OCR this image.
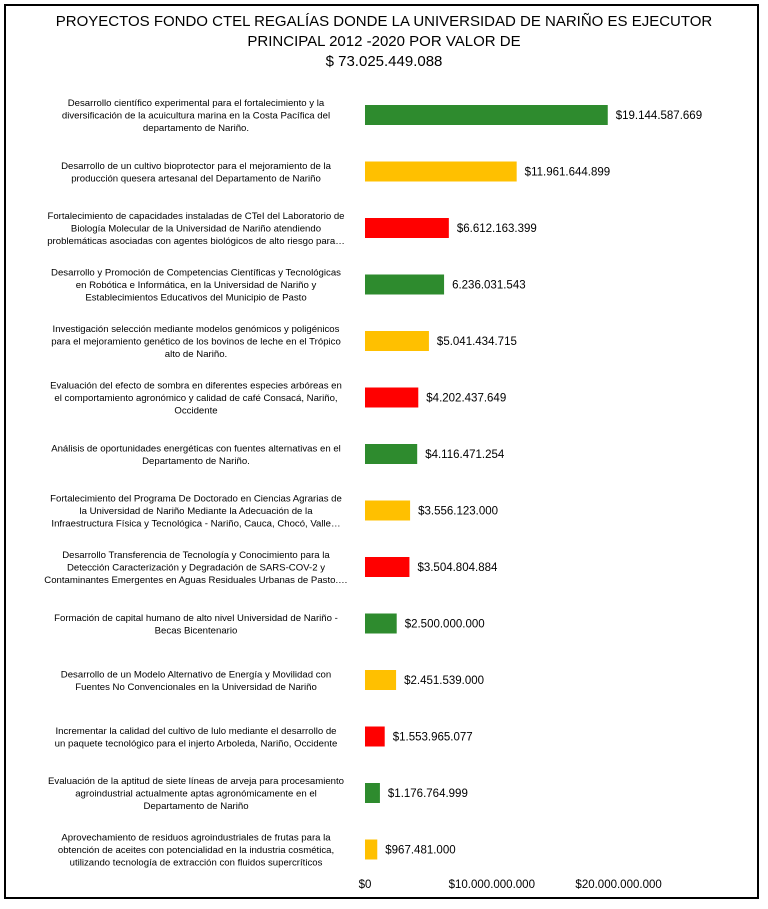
PROYECTOS FONDO CTEL REGALÍAS DONDE LA UNIVERSIDAD DE NARIÑO ES EJECUTOR
PRINCIPAL 2012 -2020 POR VALOR DE
$ 73.025.449.088
Desarrollo científico experimental para el fortalecimiento y la diversificación de la acuicultura marina en la Costa Pacífica del departamento de Nariño.
Desarrollo de un cultivo bioprotector para el mejoramiento de la producción quesera artesanal del Departamento de Nariño
Fortalecimiento de capacidades instaladas de CTeI del Laboratorio de Biología Molecular de la Universidad de Nariño atendiendo problemáticas asociadas con agentes biológicos de alto riesgo para…
Desarrollo y Promoción de Competencias Científicas y Tecnológicas en Robótica e Informática, en la Universidad de Nariño y Establecimientos Educativos del Municipio de Pasto
Investigación selección mediante modelos genómicos y poligénicos para el mejoramiento genético de los bovinos de leche en el Trópico alto de Nariño.
Evaluación del efecto de sombra en diferentes especies arbóreas en el comportamiento agronómico y calidad de café Consacá, Nariño, Occidente
Análisis de oportunidades energéticas con fuentes alternativas en el Departamento de Nariño.
Fortalecimiento del Programa De Doctorado en Ciencias Agrarias de la Universidad de Nariño Mediante la Adecuación de la Infraestructura Física y Tecnológica - Nariño, Cauca, Chocó, Valle…
Desarrollo Transferencia de Tecnología y Conocimiento para la Detección Caracterización y Degradación de SARS-COV-2 y Contaminantes Emergentes en Aguas Residuales Urbanas de Pasto.…
Formación de capital humano de alto nivel Universidad de Nariño -Becas Bicentenario
Desarrollo de un Modelo Alternativo de Energía y Movilidad con Fuentes No Convencionales en la Universidad de Nariño
Incrementar la calidad del cultivo de lulo mediante el desarrollo de un paquete tecnológico para el injerto Arboleda, Nariño, Occidente
Evaluación de la aptitud de siete líneas de arveja para procesamiento agroindustrial actualmente aptas agronómicamente en el Departamento de Nariño
Aprovechamiento de residuos agroindustriales de frutas para la obtención de aceites con potencialidad en la industria cosmética, utilizando tecnología de extracción con fluidos supercríticos
$19.144.587.669
$11.961.644.899
$6.612.163.399
6.236.031.543
$5.041.434.715
$4.202.437.649
$4.116.471.254
$3.556.123.000
$3.504.804.884
$2.500.000.000
$2.451.539.000
$1.553.965.077
$1.176.764.999
$967.481.000
$0	$10.000.000.000	$20.000.000.000
